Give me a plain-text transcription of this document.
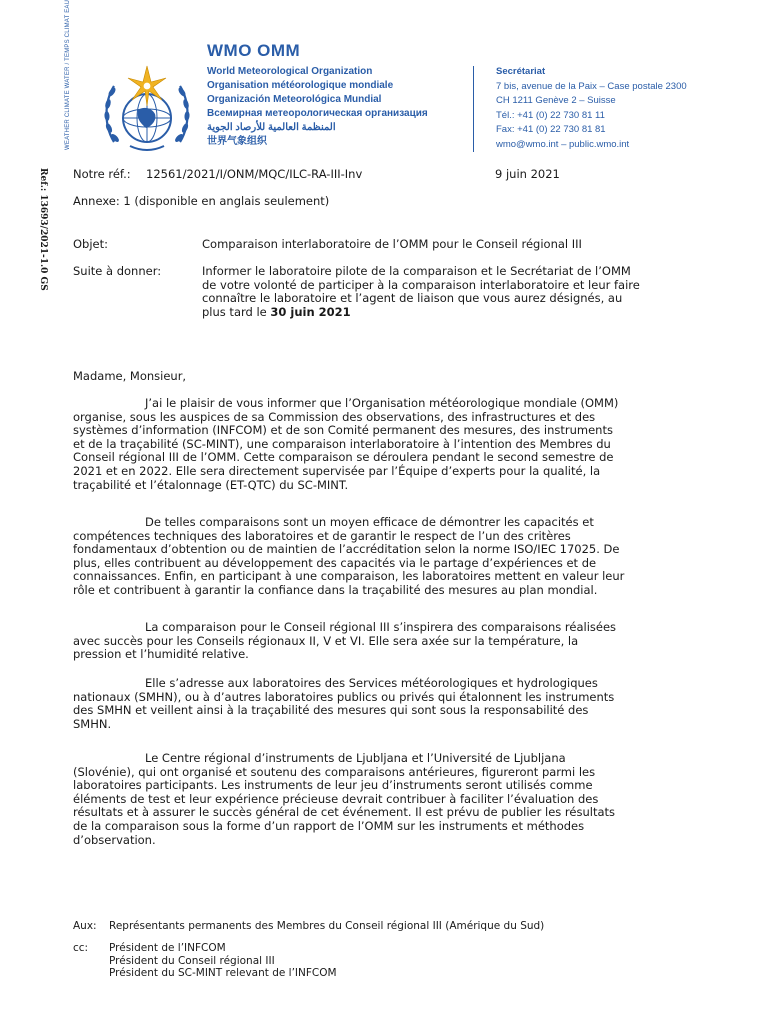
WEATHER CLIMATE WATER / TEMPS CLIMAT EAU
Ref.: 13693/2021-1.0 GS
WMO OMM
World Meteorological Organization
Organisation météorologique mondiale
Organización Meteorológica Mundial
Всемирная метеорологическая организация
المنظمة العالمية للأرصاد الجوية
世界气象组织
Secrétariat
7 bis, avenue de la Paix – Case postale 2300
CH 1211 Genève 2 – Suisse
Tél.: +41 (0) 22 730 81 11
Fax: +41 (0) 22 730 81 81
wmo@wmo.int – public.wmo.int
Notre réf.: 12561/2021/I/ONM/MQC/ILC-RA-III-Inv	9 juin 2021
Annexe: 1 (disponible en anglais seulement)
Objet:	Comparaison interlaboratoire de l’OMM pour le Conseil régional III
Suite à donner:	Informer le laboratoire pilote de la comparaison et le Secrétariat de l’OMM
de votre volonté de participer à la comparaison interlaboratoire et leur faire
connaître le laboratoire et l’agent de liaison que vous aurez désignés, au
plus tard le 30 juin 2021
Madame, Monsieur,
J’ai le plaisir de vous informer que l’Organisation météorologique mondiale (OMM)
organise, sous les auspices de sa Commission des observations, des infrastructures et des
systèmes d’information (INFCOM) et de son Comité permanent des mesures, des instruments
et de la traçabilité (SC-MINT), une comparaison interlaboratoire à l’intention des Membres du
Conseil régional III de l’OMM. Cette comparaison se déroulera pendant le second semestre de
2021 et en 2022. Elle sera directement supervisée par l’Équipe d’experts pour la qualité, la
traçabilité et l’étalonnage (ET-QTC) du SC-MINT.
De telles comparaisons sont un moyen efficace de démontrer les capacités et
compétences techniques des laboratoires et de garantir le respect de l’un des critères
fondamentaux d’obtention ou de maintien de l’accréditation selon la norme ISO/IEC 17025. De
plus, elles contribuent au développement des capacités via le partage d’expériences et de
connaissances. Enfin, en participant à une comparaison, les laboratoires mettent en valeur leur
rôle et contribuent à garantir la confiance dans la traçabilité des mesures au plan mondial.
La comparaison pour le Conseil régional III s’inspirera des comparaisons réalisées
avec succès pour les Conseils régionaux II, V et VI. Elle sera axée sur la température, la
pression et l’humidité relative.
Elle s’adresse aux laboratoires des Services météorologiques et hydrologiques
nationaux (SMHN), ou à d’autres laboratoires publics ou privés qui étalonnent les instruments
des SMHN et veillent ainsi à la traçabilité des mesures qui sont sous la responsabilité des
SMHN.
Le Centre régional d’instruments de Ljubljana et l’Université de Ljubljana
(Slovénie), qui ont organisé et soutenu des comparaisons antérieures, figureront parmi les
laboratoires participants. Les instruments de leur jeu d’instruments seront utilisés comme
éléments de test et leur expérience précieuse devrait contribuer à faciliter l’évaluation des
résultats et à assurer le succès général de cet événement. Il est prévu de publier les résultats
de la comparaison sous la forme d’un rapport de l’OMM sur les instruments et méthodes
d’observation.
Aux: Représentants permanents des Membres du Conseil régional III (Amérique du Sud)
cc: Président de l’INFCOM
Président du Conseil régional III
Président du SC-MINT relevant de l’INFCOM
